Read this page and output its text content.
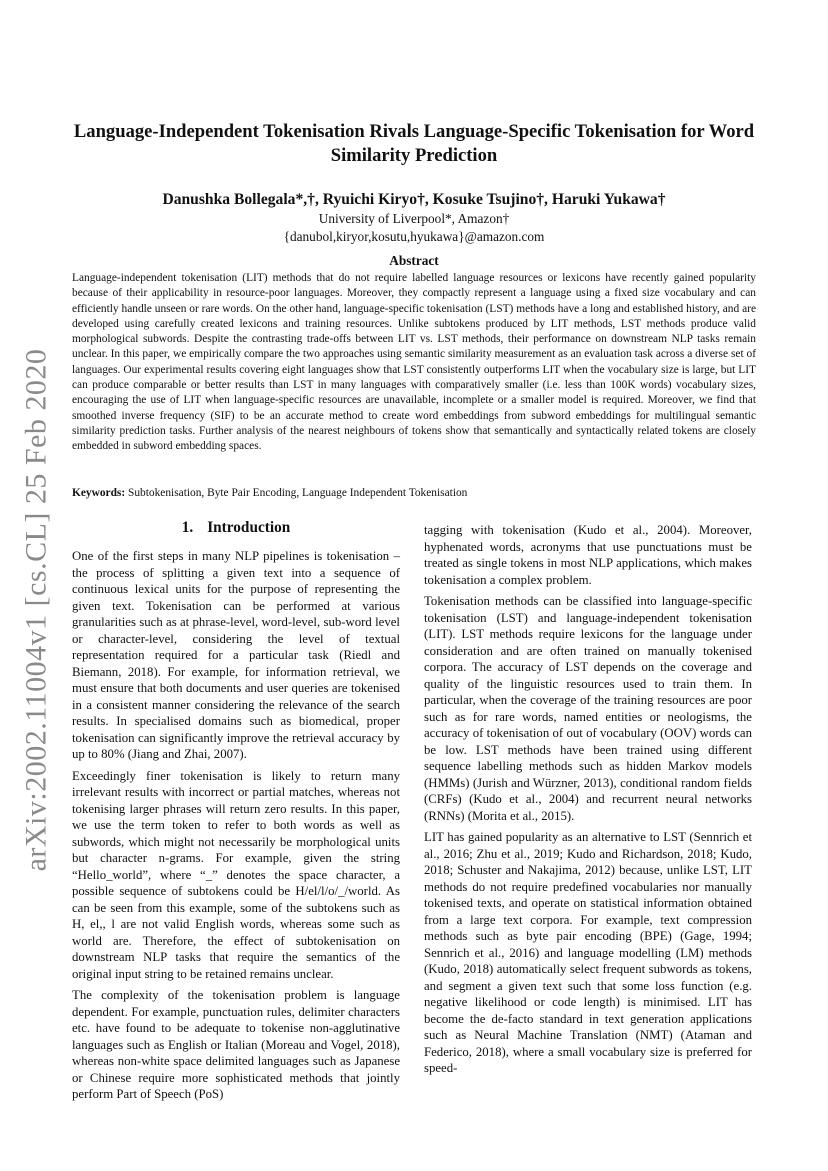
arXiv:2002.11004v1 [cs.CL] 25 Feb 2020
Language-Independent Tokenisation Rivals Language-Specific Tokenisation for Word Similarity Prediction
Danushka Bollegala*,†, Ryuichi Kiryo†, Kosuke Tsujino†, Haruki Yukawa†
University of Liverpool*, Amazon†
{danubol,kiryor,kosutu,hyukawa}@amazon.com
Abstract

Language-independent tokenisation (LIT) methods that do not require labelled language resources or lexicons have recently gained popularity because of their applicability in resource-poor languages. Moreover, they compactly represent a language using a fixed size vocabulary and can efficiently handle unseen or rare words. On the other hand, language-specific tokenisation (LST) methods have a long and established history, and are developed using carefully created lexicons and training resources. Unlike subtokens produced by LIT methods, LST methods produce valid morphological subwords. Despite the contrasting trade-offs between LIT vs. LST methods, their performance on downstream NLP tasks remain unclear. In this paper, we empirically compare the two approaches using semantic similarity measurement as an evaluation task across a diverse set of languages. Our experimental results covering eight languages show that LST consistently outperforms LIT when the vocabulary size is large, but LIT can produce comparable or better results than LST in many languages with comparatively smaller (i.e. less than 100K words) vocabulary sizes, encouraging the use of LIT when language-specific resources are unavailable, incomplete or a smaller model is required. Moreover, we find that smoothed inverse frequency (SIF) to be an accurate method to create word embeddings from subword embeddings for multilingual semantic similarity prediction tasks. Further analysis of the nearest neighbours of tokens show that semantically and syntactically related tokens are closely embedded in subword embedding spaces.

Keywords: Subtokenisation, Byte Pair Encoding, Language Independent Tokenisation
1. Introduction

One of the first steps in many NLP pipelines is tokenisation – the process of splitting a given text into a sequence of continuous lexical units for the purpose of representing the given text. Tokenisation can be performed at various granularities such as at phrase-level, word-level, sub-word level or character-level, considering the level of textual representation required for a particular task (Riedl and Biemann, 2018). For example, for information retrieval, we must ensure that both documents and user queries are tokenised in a consistent manner considering the relevance of the search results. In specialised domains such as biomedical, proper tokenisation can significantly improve the retrieval accuracy by up to 80% (Jiang and Zhai, 2007).

Exceedingly finer tokenisation is likely to return many irrelevant results with incorrect or partial matches, whereas not tokenising larger phrases will return zero results. In this paper, we use the term token to refer to both words as well as subwords, which might not necessarily be morphological units but character n-grams. For example, given the string “Hello_world”, where “_” denotes the space character, a possible sequence of subtokens could be H/el/l/o/_/world. As can be seen from this example, some of the subtokens such as H, el,, l are not valid English words, whereas some such as world are. Therefore, the effect of subtokenisation on downstream NLP tasks that require the semantics of the original input string to be retained remains unclear.

The complexity of the tokenisation problem is language dependent. For example, punctuation rules, delimiter characters etc. have found to be adequate to tokenise non-agglutinative languages such as English or Italian (Moreau and Vogel, 2018), whereas non-white space delimited languages such as Japanese or Chinese require more sophisticated methods that jointly perform Part of Speech (PoS)

tagging with tokenisation (Kudo et al., 2004). Moreover, hyphenated words, acronyms that use punctuations must be treated as single tokens in most NLP applications, which makes tokenisation a complex problem.

Tokenisation methods can be classified into language-specific tokenisation (LST) and language-independent tokenisation (LIT). LST methods require lexicons for the language under consideration and are often trained on manually tokenised corpora. The accuracy of LST depends on the coverage and quality of the linguistic resources used to train them. In particular, when the coverage of the training resources are poor such as for rare words, named entities or neologisms, the accuracy of tokenisation of out of vocabulary (OOV) words can be low. LST methods have been trained using different sequence labelling methods such as hidden Markov models (HMMs) (Jurish and Würzner, 2013), conditional random fields (CRFs) (Kudo et al., 2004) and recurrent neural networks (RNNs) (Morita et al., 2015).

LIT has gained popularity as an alternative to LST (Sennrich et al., 2016; Zhu et al., 2019; Kudo and Richardson, 2018; Kudo, 2018; Schuster and Nakajima, 2012) because, unlike LST, LIT methods do not require predefined vocabularies nor manually tokenised texts, and operate on statistical information obtained from a large text corpora. For example, text compression methods such as byte pair encoding (BPE) (Gage, 1994; Sennrich et al., 2016) and language modelling (LM) methods (Kudo, 2018) automatically select frequent subwords as tokens, and segment a given text such that some loss function (e.g. negative likelihood or code length) is minimised. LIT has become the de-facto standard in text generation applications such as Neural Machine Translation (NMT) (Ataman and Federico, 2018), where a small vocabulary size is preferred for speed-
